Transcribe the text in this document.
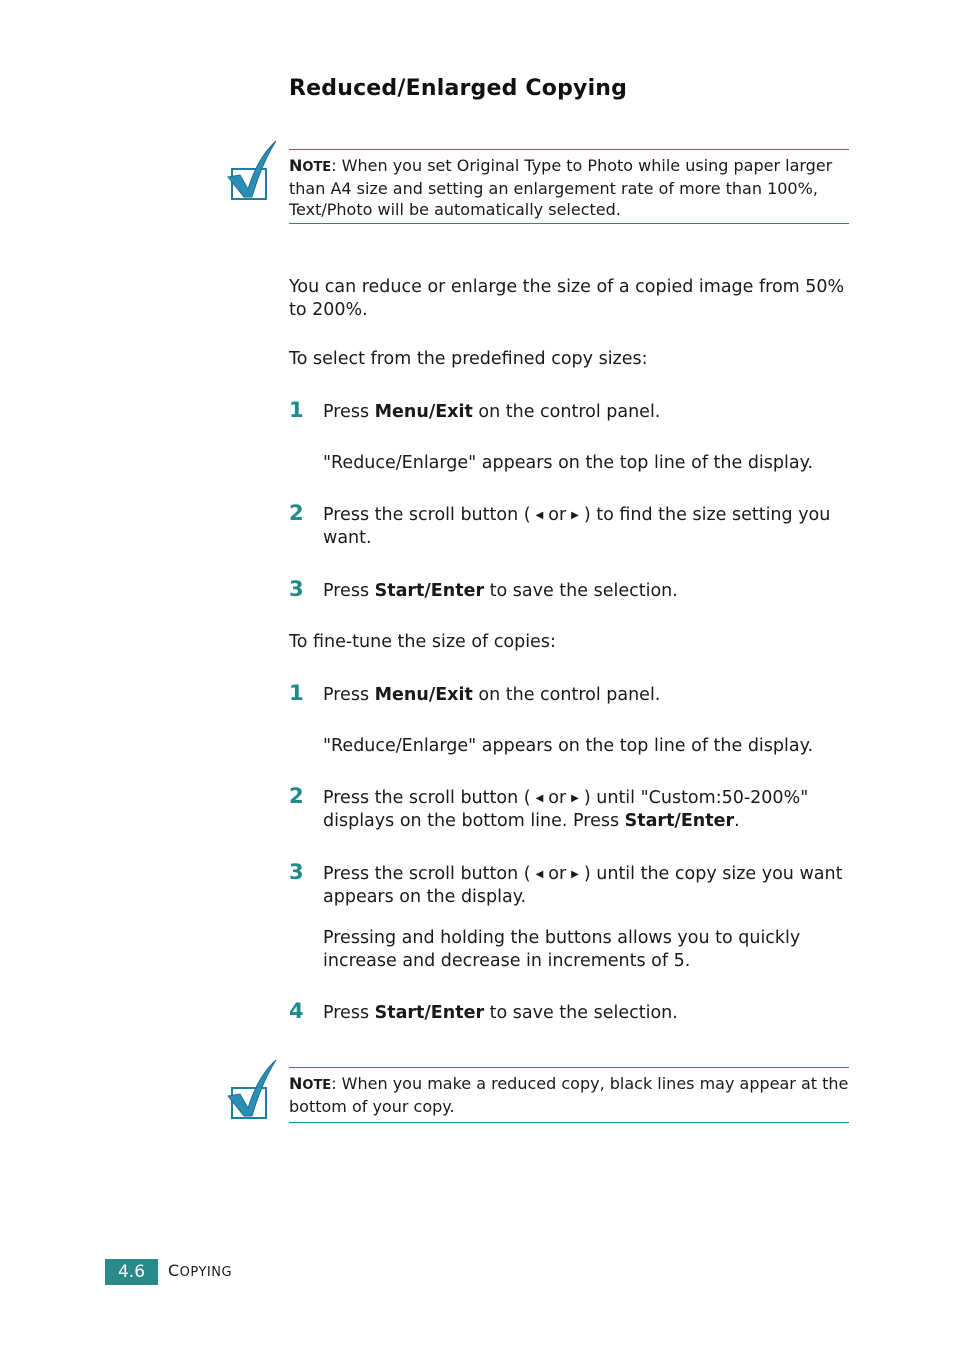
Reduced/Enlarged Copying
NOTE: When you set Original Type to Photo while using paper larger than A4 size and setting an enlargement rate of more than 100%, Text/Photo will be automatically selected.
You can reduce or enlarge the size of a copied image from 50% to 200%.
To select from the predefined copy sizes:
1 Press Menu/Exit on the control panel.
"Reduce/Enlarge" appears on the top line of the display.
2 Press the scroll button ( ◀ or ▶ ) to find the size setting you want.
3 Press Start/Enter to save the selection.
To fine-tune the size of copies:
1 Press Menu/Exit on the control panel.
"Reduce/Enlarge" appears on the top line of the display.
2 Press the scroll button ( ◀ or ▶ ) until "Custom:50-200%" displays on the bottom line. Press Start/Enter.
3 Press the scroll button ( ◀ or ▶ ) until the copy size you want appears on the display.
Pressing and holding the buttons allows you to quickly increase and decrease in increments of 5.
4 Press Start/Enter to save the selection.
NOTE: When you make a reduced copy, black lines may appear at the bottom of your copy.
4.6	COPYING
